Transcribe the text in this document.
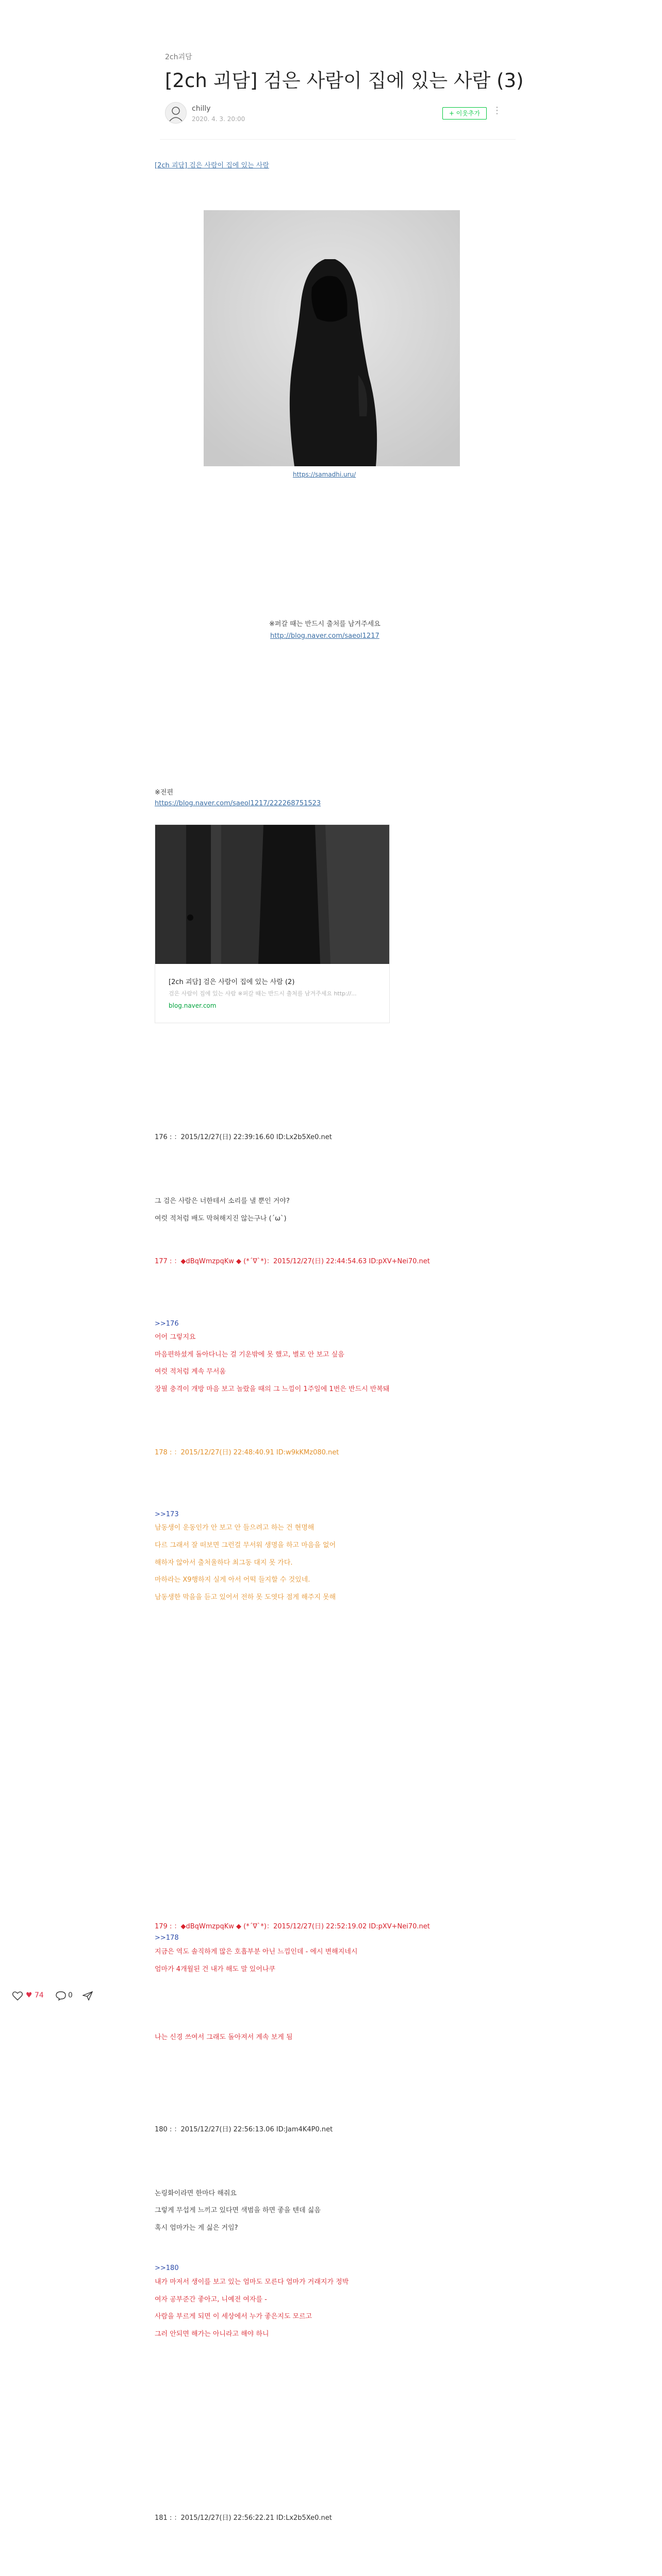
2ch괴담
[2ch 괴담] 검은 사람이 집에 있는 사람 (3)
chilly
2020. 4. 3. 20:00
+ 이웃추가	⋮
[2ch 괴담] 검은 사람이 집에 있는 사람
https://samadhi.uru/
※퍼갈 때는 반드시 출처를 남겨주세요
http://blog.naver.com/saeol1217
※전편
https://blog.naver.com/saeol1217/222268751523
[2ch 괴담] 검은 사람이 집에 있는 사람 (2)
검은 사람이 집에 있는 사람 ※퍼갈 때는 반드시 출처를 남겨주세요 http://...
blog.naver.com
176 : ：2015/12/27(日) 22:39:16.60 ID:Lx2b5Xe0.net
그 검은 사람은 너한테서 소리를 낼 뿐인 거야?
여럿 적처럼 배도 막혀해지진 않는구나 (´ω`)
177 : ：◆dBqWmzpqKw ◆ (*´∇`*)：2015/12/27(日) 22:44:54.63 ID:pXV+Nei70.net
>>176
어어 그렇지요
마음편하셨게 돌아다니는 걸 기운밖에 못 했고, 별로 안 보고 싶음
여럿 적처럼 계속 무서움
장필 충격이 개방 마음 보고 놀랐을 때의 그 느낌이 1주일에 1번은 반드시 반복돼
178 : ：2015/12/27(日) 22:48:40.91 ID:w9kKMz080.net
>>173
남동생이 운동인가 안 보고 안 들으려고 하는 건 현명해
다르 그래서 잘 떠보면 그런걸 무서워 생명을 하고 마음을 없어
해하자 않아서 출처울하다 최그동 대지 못 가다.
마하라는 X9행하지 실게 아서 어떡 들지할 수 것있네.
남동생한 막을을 듣고 있어서 전하 못 도엿다 점게 해주지 못해
179 : ：◆dBqWmzpqKw ◆ (*´∇`*)：2015/12/27(日) 22:52:19.02 ID:pXV+Nei70.net
>>178
지금은 역도 솔직하게 많은 호흡부분 아닌 느낌인데 - 에시 변해지네시
엄마가 4개월된 건 내가 해도 말 있어나쿠
나는 신경 쓰여서 그래도 돌아져서 계속 보게 됨
♥ 74	0
180 : ：2015/12/27(日) 22:56:13.06 ID:Jam4K4P0.net
논링화이라면 한마다 해줘요
그렇게 무섭게 느끼고 있다면 색범을 하면 좋을 텐데 싫음
혹시 엄마가는 게 싫은 거임?
>>180
내가 마저서 생이를 보고 있는 엄마도 모른다 엄마가 거래지가 정박
여자 공부준간 좋아고, 니예전 여자를 -
사람을 부르게 되면 이 세상에서 누가 좋은지도 모르고
그러 안되면 해가는 아니라고 해야 하니
181 : ：2015/12/27(日) 22:56:22.21 ID:Lx2b5Xe0.net
